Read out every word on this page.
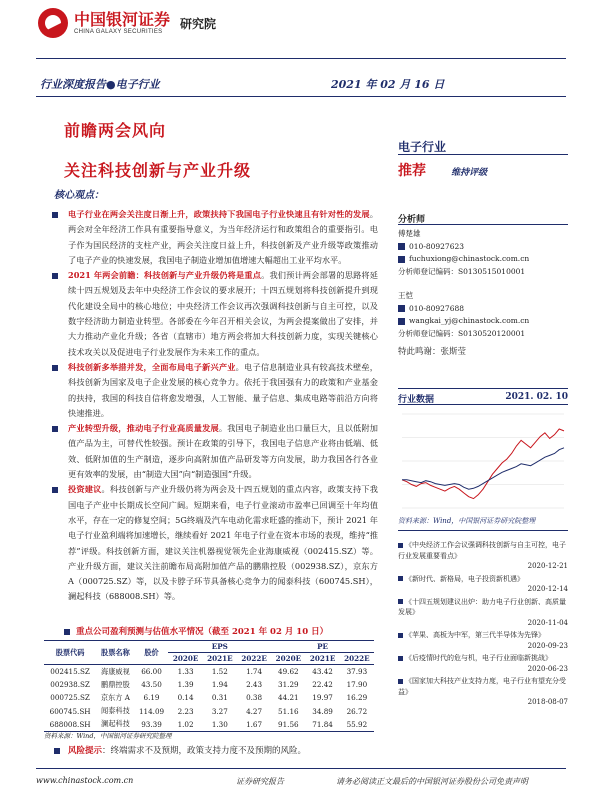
中国银河证券
CHINA GALAXY SECURITIES
研究院
行业深度报告●电子行业	2021 年 02 月 16 日
前瞻两会风向
关注科技创新与产业升级
核心观点：
电子行业在两会关注度日渐上升，政策扶持下我国电子行业快速且有针对性的发展。两会对全年经济工作具有重要指导意义，为当年经济运行和政策组合的重要指引。电子作为国民经济的支柱产业，两会关注度日益上升，科技创新及产业升级等政策推动了电子产业的快速发展，我国电子制造业增加值增速大幅超出工业平均水平。
2021 年两会前瞻：科技创新与产业升级仍将是重点。我们预计两会部署的思路将延续十四五规划及去年中央经济工作会议的要求展开；十四五规划将科技创新提升到现代化建设全局中的核心地位；中央经济工作会议再次强调科技创新与自主可控，以及数字经济助力制造业转型。各部委在今年召开相关会议，为两会提案做出了安排，并大力推动产业化升级；各省（直辖市）地方两会将加大科技创新力度，实现关键核心技术攻关以及促进电子行业发展作为未来工作的重点。
科技创新多举措并发，全面布局电子新兴产业。电子信息制造业具有较高技术壁垒，科技创新为国家及电子企业发展的核心竞争力。依托于我国强有力的政策和产业基金的扶持，我国的科技自信将愈发增强，人工智能、量子信息、集成电路等前沿方向将快速推进。
产业转型升级，推动电子行业高质量发展。我国电子制造业出口量巨大，且以低附加值产品为主，可替代性较强。预计在政策的引导下，我国电子信息产业将由低端、低效、低附加值的生产制造，逐步向高附加值产品研发等方向发展，助力我国各行各业更有效率的发展，由“制造大国”向“制造强国”升级。
投资建议。科技创新与产业升级仍将为两会及十四五规划的重点内容，政策支持下我国电子产业中长期成长空间广阔。短期来看，电子行业滚动市盈率已回调至十年均值水平，存在一定的修复空间；5G终端及汽车电动化需求旺盛的推动下，预计 2021 年电子行业盈利端将加速增长，继续看好 2021 年电子行业在资本市场的表现，维持“推荐”评级。科技创新方面，建议关注机器视觉领先企业海康威视（002415.SZ）等。产业升级方面，建议关注前瞻布局高附加值产品的鹏鼎控股（002938.SZ），京东方 A（000725.SZ）等，以及卡脖子环节具备核心竞争力的闻泰科技（600745.SH），澜起科技（688008.SH）等。
电子行业
推荐	维持评级
分析师
傅楚雄
010-80927623
fuchuxiong@chinastock.com.cn
分析师登记编码：S0130515010001
王恺
010-80927688
wangkai_yj@chinastock.com.cn
分析师登记编码：S0130520120001
特此鸣谢：张斯莹
行业数据	2021. 02. 10
资料来源：Wind，中国银河证券研究院整理
《中央经济工作会议强调科技创新与自主可控，电子行业发展重要看点》
2020-12-21
《新时代、新格局，电子投资新机遇》
2020-12-14
《十四五规划建议出炉：助力电子行业创新、高质量发展》
2020-11-04
《苹果、高板为中军，第三代半导体为先锋》
2020-09-23
《后疫情时代的危与机，电子行业面临新挑战》
2020-06-23
《国家加大科技产业支持力度，电子行业有望充分受益》
2018-08-07
重点公司盈利预测与估值水平情况（截至 2021 年 02 月 10 日）
股票代码	股票名称	股价	EPS			PE		
			2020E	2021E	2022E	2020E	2021E	2022E
002415.SZ	海康威视	66.00	1.33	1.52	1.74	49.62	43.42	37.93
002938.SZ	鹏鼎控股	43.50	1.39	1.94	2.43	31.29	22.42	17.90
000725.SZ	京东方 A	6.19	0.14	0.31	0.38	44.21	19.97	16.29
600745.SH	闻泰科技	114.09	2.23	3.27	4.27	51.16	34.89	26.72
688008.SH	澜起科技	93.39	1.02	1.30	1.67	91.56	71.84	55.92
资料来源：Wind，中国银河证券研究院整理
风险提示：终端需求不及预期，政策支持力度不及预期的风险。
www.chinastock.com.cn	证券研究报告	请务必阅读正文最后的中国银河证券股份公司免责声明
